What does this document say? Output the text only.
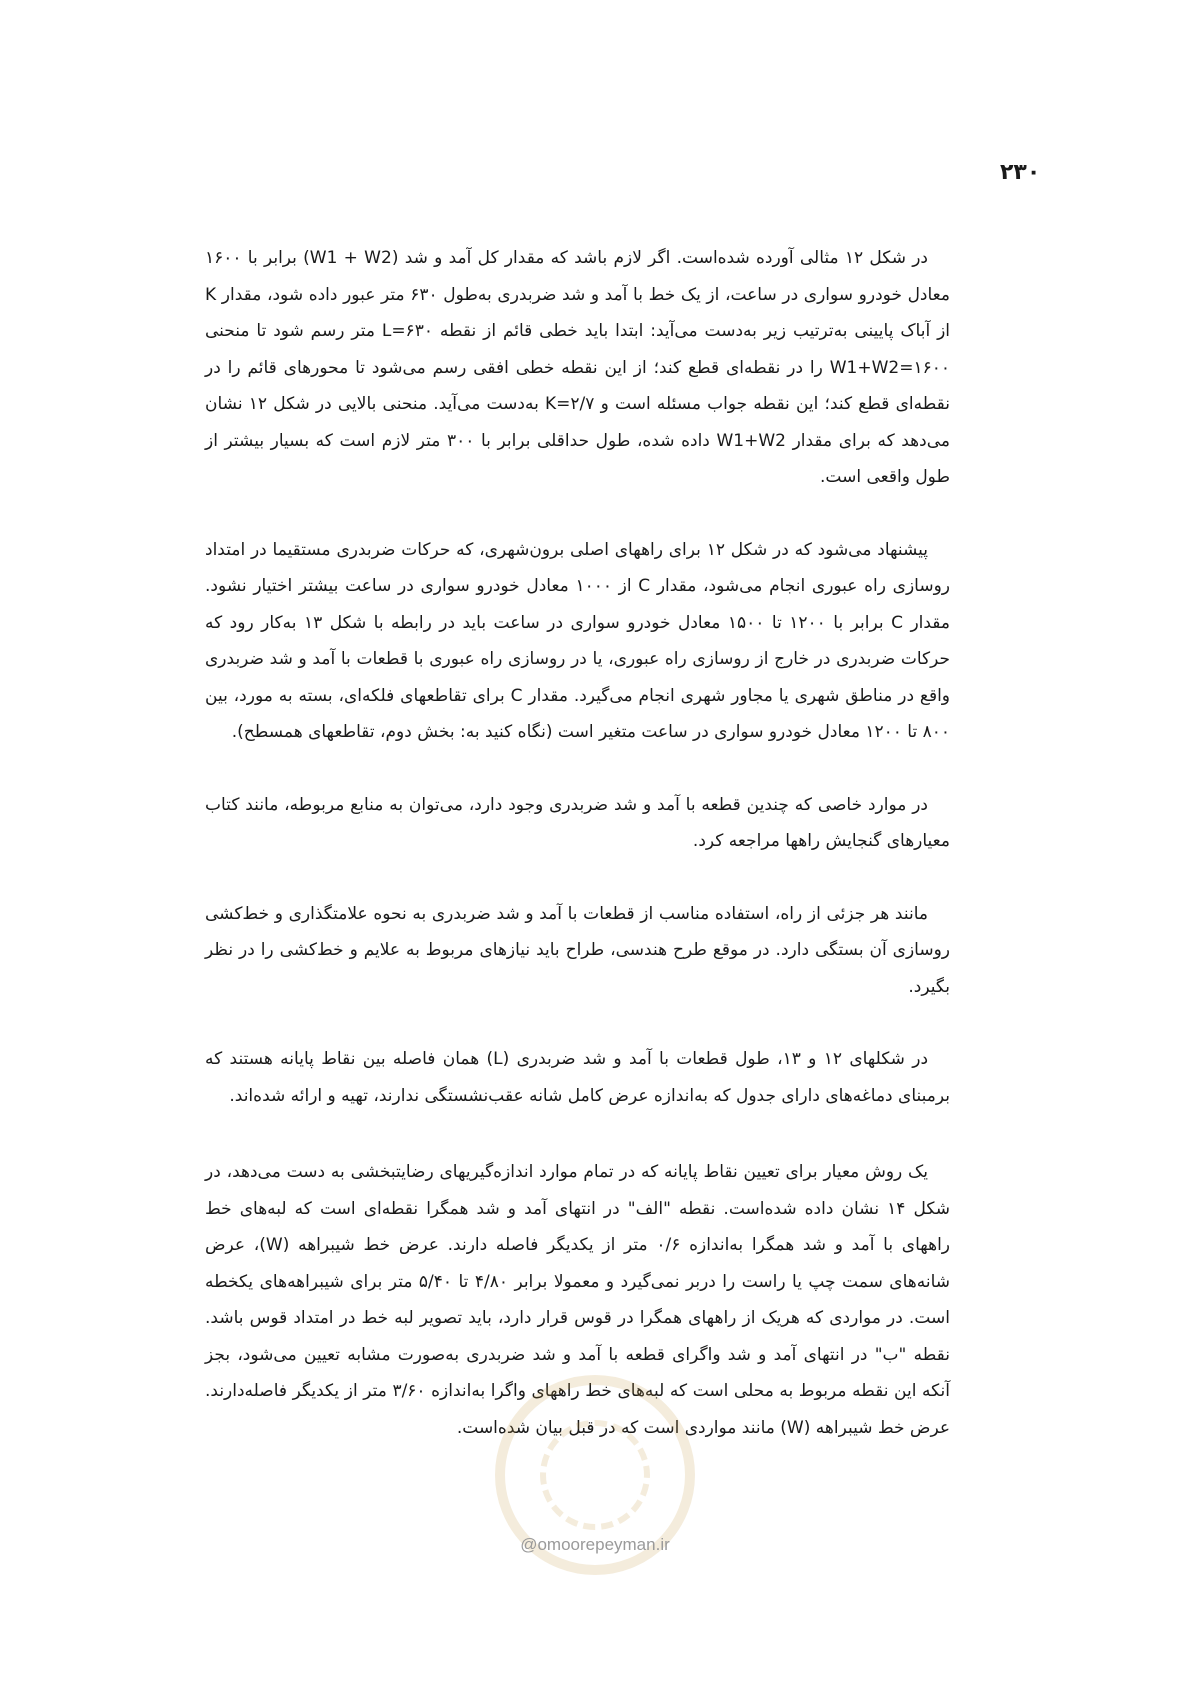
۲۳۰

در شکل ۱۲ مثالی آورده شده‌است. اگر لازم باشد که مقدار کل آمد و شد (W1 + W2) برابر با ۱۶۰۰ معادل خودرو سواری در ساعت، از یک خط با آمد و شد ضربدری به‌طول ۶۳۰ متر عبور داده شود، مقدار K از آباک پایینی به‌ترتیب زیر به‌دست می‌آید: ابتدا باید خطی قائم از نقطه L=۶۳۰ متر رسم شود تا منحنی W1+W2=۱۶۰۰ را در نقطه‌ای قطع کند؛ از این نقطه خطی افقی رسم می‌شود تا محورهای قائم را در نقطه‌ای قطع کند؛ این نقطه جواب مسئله است و K=۲/۷ به‌دست می‌آید. منحنی بالایی در شکل ۱۲ نشان می‌دهد که برای مقدار W1+W2 داده شده، طول حداقلی برابر با ۳۰۰ متر لازم است که بسیار بیشتر از طول واقعی است.

پیشنهاد می‌شود که در شکل ۱۲ برای راههای اصلی برون‌شهری، که حرکات ضربدری مستقیما در امتداد روسازی راه عبوری انجام می‌شود، مقدار C از ۱۰۰۰ معادل خودرو سواری در ساعت بیشتر اختیار نشود. مقدار C برابر با ۱۲۰۰ تا ۱۵۰۰ معادل خودرو سواری در ساعت باید در رابطه با شکل ۱۳ به‌کار رود که حرکات ضربدری در خارج از روسازی راه عبوری، یا در روسازی راه عبوری با قطعات با آمد و شد ضربدری واقع در مناطق شهری یا مجاور شهری انجام می‌گیرد. مقدار C برای تقاطعهای فلکه‌ای، بسته به مورد، بین ۸۰۰ تا ۱۲۰۰ معادل خودرو سواری در ساعت متغیر است (نگاه کنید به: بخش دوم، تقاطعهای همسطح).

در موارد خاصی که چندین قطعه با آمد و شد ضربدری وجود دارد، می‌توان به منابع مربوطه، مانند کتاب معیارهای گنجایش راهها مراجعه کرد.

مانند هر جزئی از راه، استفاده مناسب از قطعات با آمد و شد ضربدری به نحوه علامتگذاری و خط‌کشی روسازی آن بستگی دارد. در موقع طرح هندسی، طراح باید نیازهای مربوط به علایم و خط‌کشی را در نظر بگیرد.

در شکلهای ۱۲ و ۱۳، طول قطعات با آمد و شد ضربدری (L) همان فاصله بین نقاط پایانه هستند که برمبنای دماغه‌های دارای جدول که به‌اندازه عرض کامل شانه عقب‌نشستگی ندارند، تهیه و ارائه شده‌اند.

یک روش معیار برای تعیین نقاط پایانه که در تمام موارد اندازه‌گیریهای رضایتبخشی به دست می‌دهد، در شکل ۱۴ نشان داده شده‌است. نقطه "الف" در انتهای آمد و شد همگرا نقطه‌ای است که لبه‌های خط راههای با آمد و شد همگرا به‌اندازه ۰/۶ متر از یکدیگر فاصله دارند. عرض خط شیبراهه (W)، عرض شانه‌های سمت چپ یا راست را دربر نمی‌گیرد و معمولا برابر ۴/۸۰ تا ۵/۴۰ متر برای شیبراهه‌های یکخطه است. در مواردی که هریک از راههای همگرا در قوس قرار دارد، باید تصویر لبه خط در امتداد قوس باشد. نقطه "ب" در انتهای آمد و شد واگرای قطعه با آمد و شد ضربدری به‌صورت مشابه تعیین می‌شود، بجز آنکه این نقطه مربوط به محلی است که لبه‌های خط راههای واگرا به‌اندازه ۳/۶۰ متر از یکدیگر فاصله‌دارند. عرض خط شیبراهه (W) مانند مواردی است که در قبل بیان شده‌است.

@omoorepeyman.ir
